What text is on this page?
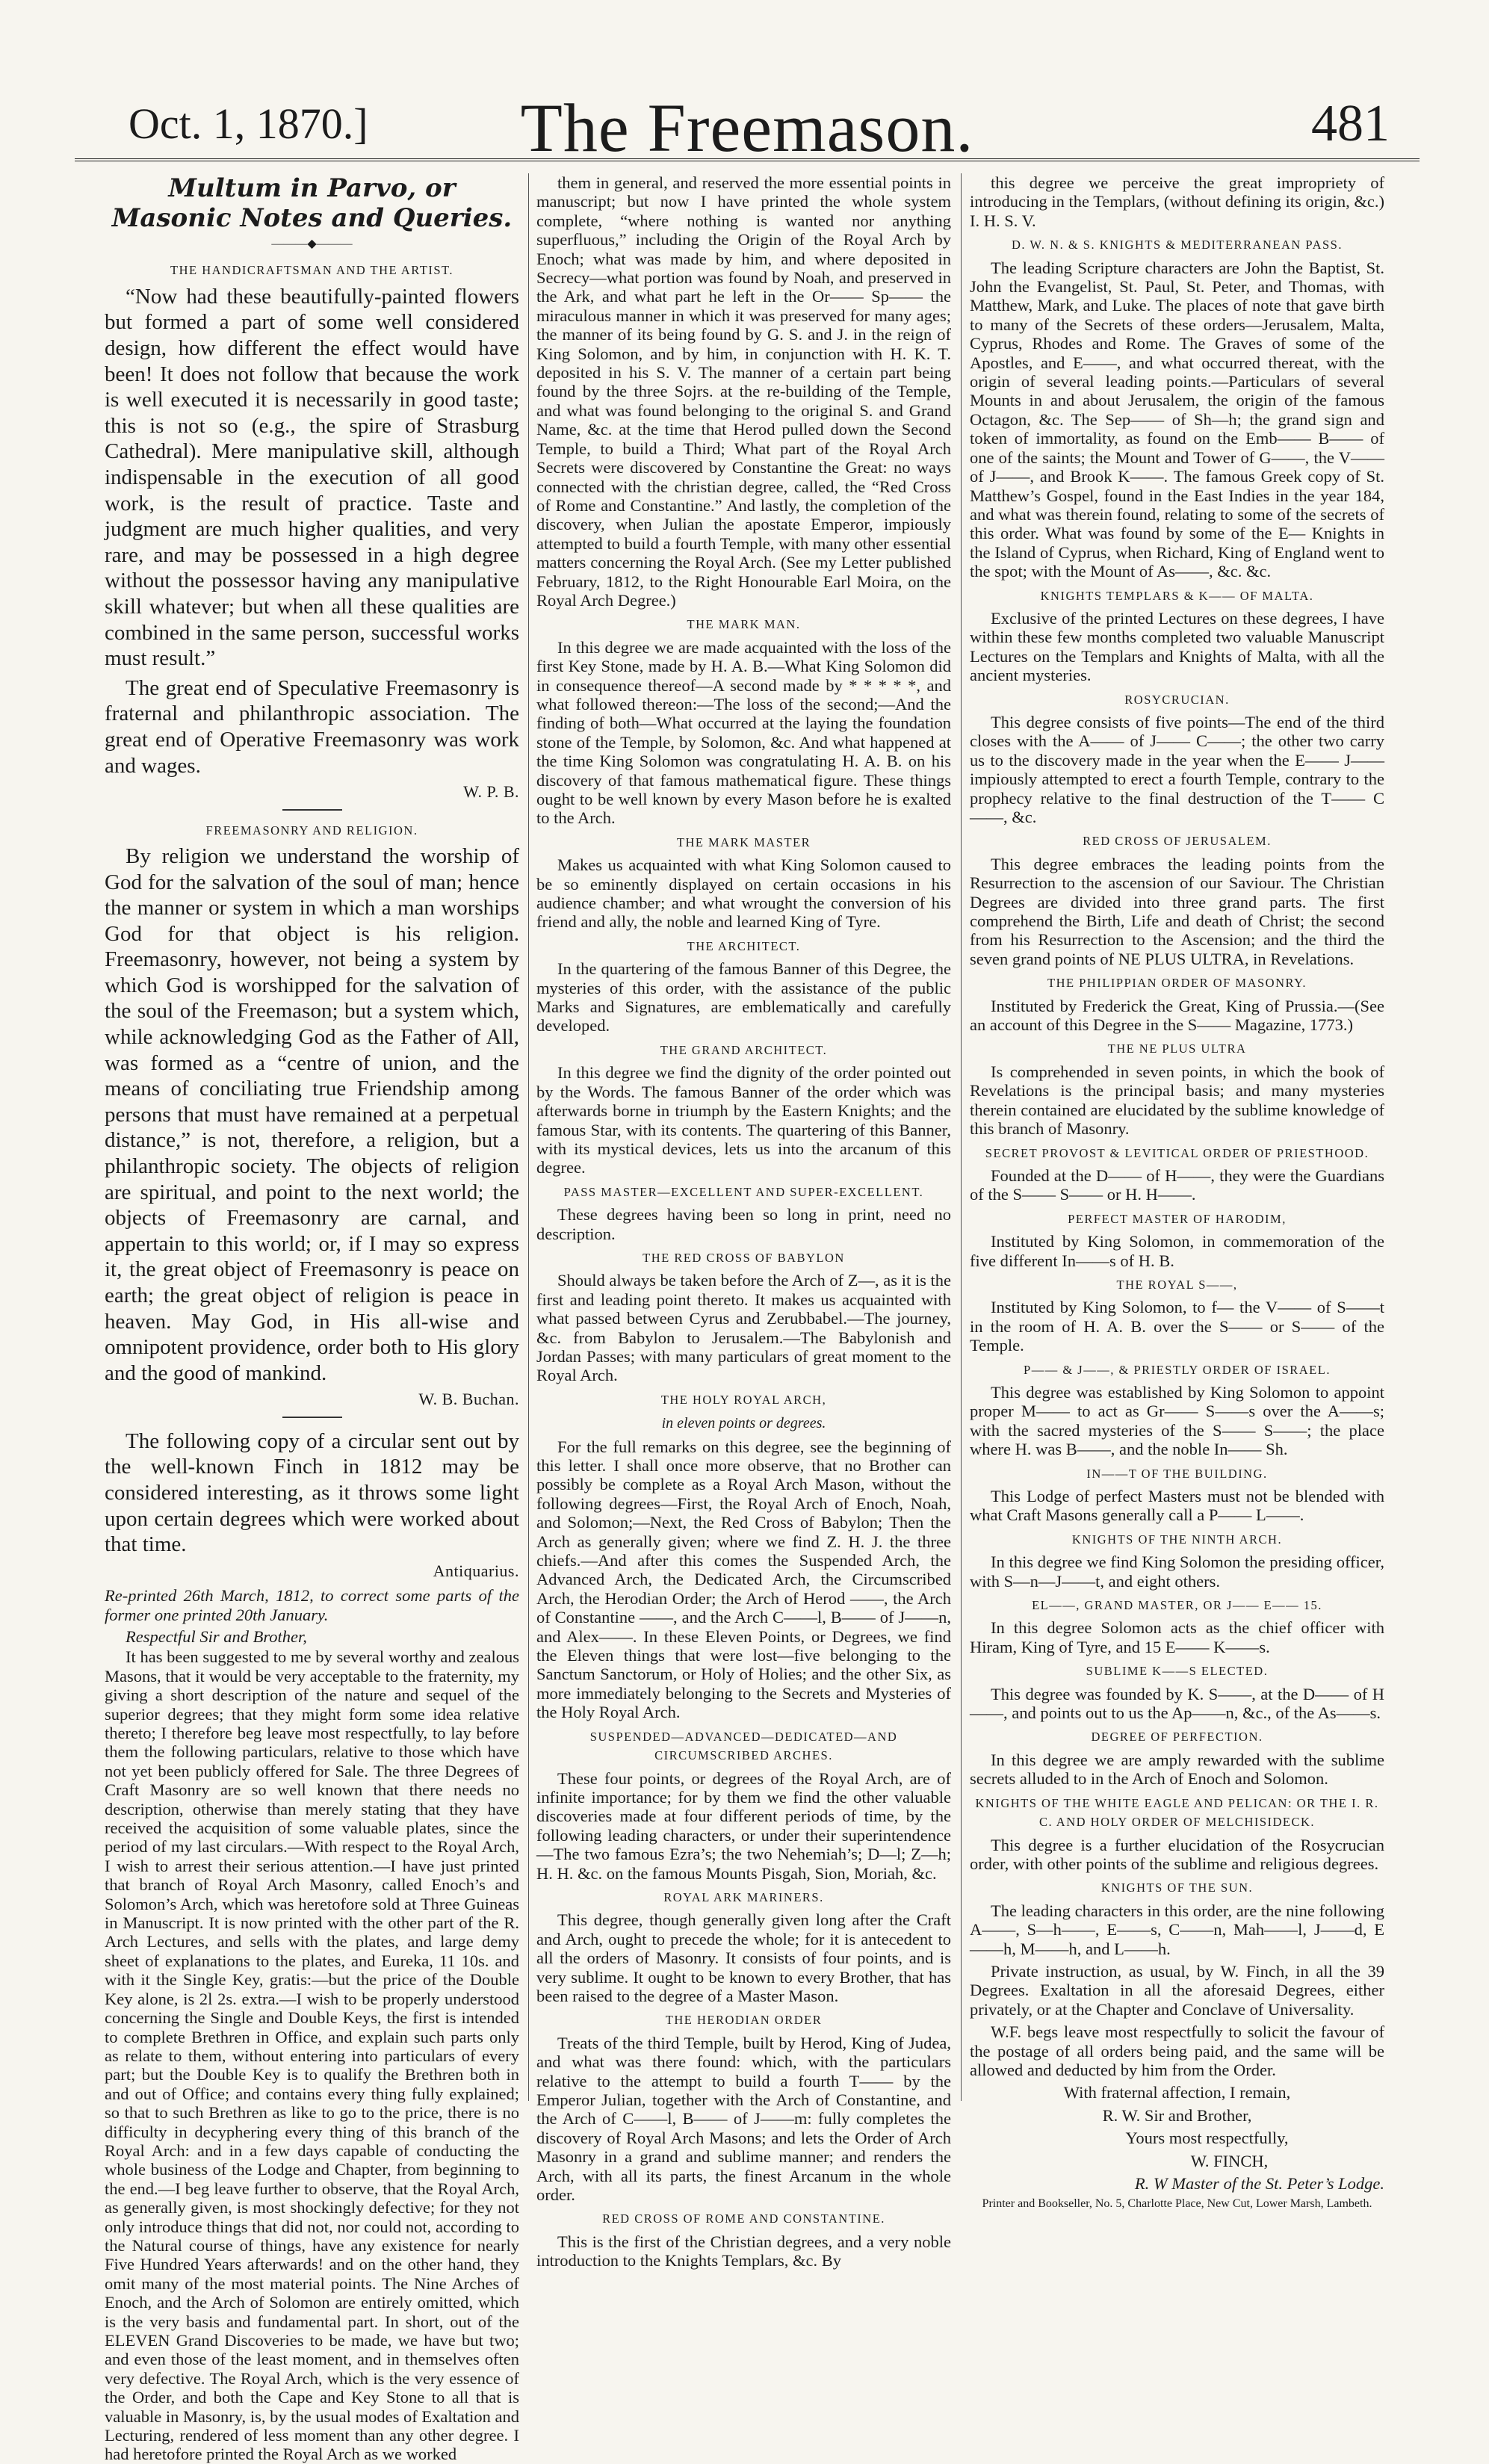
Oct. 1, 1870.]	The Freemason.	481
Multum in Parvo, or Masonic Notes and Queries.
———◆———
THE HANDICRAFTSMAN AND THE ARTIST.

“Now had these beautifully-painted flowers but formed a part of some well considered design, how different the effect would have been! It does not follow that because the work is well executed it is necessarily in good taste; this is not so (e.g., the spire of Strasburg Cathedral). Mere manipulative skill, although indispensable in the execution of all good work, is the result of practice. Taste and judgment are much higher qualities, and very rare, and may be possessed in a high degree without the possessor having any manipulative skill whatever; but when all these qualities are combined in the same person, successful works must result.”

The great end of Speculative Freemasonry is fraternal and philanthropic association. The great end of Operative Freemasonry was work and wages.

W. P. B.
FREEMASONRY AND RELIGION.

By religion we understand the worship of God for the salvation of the soul of man; hence the manner or system in which a man worships God for that object is his religion. Freemasonry, however, not being a system by which God is worshipped for the salvation of the soul of the Freemason; but a system which, while acknowledging God as the Father of All, was formed as a “centre of union, and the means of conciliating true Friendship among persons that must have remained at a perpetual distance,” is not, therefore, a religion, but a philanthropic society. The objects of religion are spiritual, and point to the next world; the objects of Freemasonry are carnal, and appertain to this world; or, if I may so express it, the great object of Freemasonry is peace on earth; the great object of religion is peace in heaven. May God, in His all-wise and omnipotent providence, order both to His glory and the good of mankind.

W. B. Buchan.

The following copy of a circular sent out by the well-known Finch in 1812 may be considered interesting, as it throws some light upon certain degrees which were worked about that time.

Antiquarius.

Re-printed 26th March, 1812, to correct some parts of the former one printed 20th January.

Respectful Sir and Brother,

It has been suggested to me by several worthy and zealous Masons, that it would be very acceptable to the fraternity, my giving a short description of the nature and sequel of the superior degrees; that they might form some idea relative thereto; I therefore beg leave most respectfully, to lay before them the following particulars, relative to those which have not yet been publicly offered for Sale. The three Degrees of Craft Masonry are so well known that there needs no description, otherwise than merely stating that they have received the acquisition of some valuable plates, since the period of my last circulars.—With respect to the Royal Arch, I wish to arrest their serious attention.—I have just printed that branch of Royal Arch Masonry, called Enoch’s and Solomon’s Arch, which was heretofore sold at Three Guineas in Manuscript. It is now printed with the other part of the R. Arch Lectures, and sells with the plates, and large demy sheet of explanations to the plates, and Eureka, 11 10s. and with it the Single Key, gratis:—but the price of the Double Key alone, is 2l 2s. extra.—I wish to be properly understood concerning the Single and Double Keys, the first is intended to complete Brethren in Office, and explain such parts only as relate to them, without entering into particulars of every part; but the Double Key is to qualify the Brethren both in and out of Office; and contains every thing fully explained; so that to such Brethren as like to go to the price, there is no difficulty in decyphering every thing of this branch of the Royal Arch: and in a few days capable of conducting the whole business of the Lodge and Chapter, from beginning to the end.—I beg leave further to observe, that the Royal Arch, as generally given, is most shockingly defective; for they not only introduce things that did not, nor could not, according to the Natural course of things, have any existence for nearly Five Hundred Years afterwards! and on the other hand, they omit many of the most material points. The Nine Arches of Enoch, and the Arch of Solomon are entirely omitted, which is the very basis and fundamental part. In short, out of the ELEVEN Grand Discoveries to be made, we have but two; and even those of the least moment, and in themselves often very defective. The Royal Arch, which is the very essence of the Order, and both the Cape and Key Stone to all that is valuable in Masonry, is, by the usual modes of Exaltation and Lecturing, rendered of less moment than any other degree. I had heretofore printed the Royal Arch as we worked

them in general, and reserved the more essential points in manuscript; but now I have printed the whole system complete, “where nothing is wanted nor anything superfluous,” including the Origin of the Royal Arch by Enoch; what was made by him, and where deposited in Secrecy—what portion was found by Noah, and preserved in the Ark, and what part he left in the Or—— Sp—— the miraculous manner in which it was preserved for many ages; the manner of its being found by G. S. and J. in the reign of King Solomon, and by him, in conjunction with H. K. T. deposited in his S. V. The manner of a certain part being found by the three Sojrs. at the re-building of the Temple, and what was found belonging to the original S. and Grand Name, &c. at the time that Herod pulled down the Second Temple, to build a Third; What part of the Royal Arch Secrets were discovered by Constantine the Great: no ways connected with the christian degree, called, the “Red Cross of Rome and Constantine.” And lastly, the completion of the discovery, when Julian the apostate Emperor, impiously attempted to build a fourth Temple, with many other essential matters concerning the Royal Arch. (See my Letter published February, 1812, to the Right Honourable Earl Moira, on the Royal Arch Degree.)

THE MARK MAN.

In this degree we are made acquainted with the loss of the first Key Stone, made by H. A. B.—What King Solomon did in consequence thereof—A second made by * * * * *, and what followed thereon:—The loss of the second;—And the finding of both—What occurred at the laying the foundation stone of the Temple, by Solomon, &c. And what happened at the time King Solomon was congratulating H. A. B. on his discovery of that famous mathematical figure. These things ought to be well known by every Mason before he is exalted to the Arch.

THE MARK MASTER

Makes us acquainted with what King Solomon caused to be so eminently displayed on certain occasions in his audience chamber; and what wrought the conversion of his friend and ally, the noble and learned King of Tyre.

THE ARCHITECT.

In the quartering of the famous Banner of this Degree, the mysteries of this order, with the assistance of the public Marks and Signatures, are emblematically and carefully developed.

THE GRAND ARCHITECT.

In this degree we find the dignity of the order pointed out by the Words. The famous Banner of the order which was afterwards borne in triumph by the Eastern Knights; and the famous Star, with its contents. The quartering of this Banner, with its mystical devices, lets us into the arcanum of this degree.

PASS MASTER—EXCELLENT AND SUPER-EXCELLENT.

These degrees having been so long in print, need no description.

THE RED CROSS OF BABYLON

Should always be taken before the Arch of Z—, as it is the first and leading point thereto. It makes us acquainted with what passed between Cyrus and Zerubbabel.—The journey, &c. from Babylon to Jerusalem.—The Babylonish and Jordan Passes; with many particulars of great moment to the Royal Arch.

THE HOLY ROYAL ARCH,
in eleven points or degrees.

For the full remarks on this degree, see the beginning of this letter. I shall once more observe, that no Brother can possibly be complete as a Royal Arch Mason, without the following degrees—First, the Royal Arch of Enoch, Noah, and Solomon;—Next, the Red Cross of Babylon; Then the Arch as generally given; where we find Z. H. J. the three chiefs.—And after this comes the Suspended Arch, the Advanced Arch, the Dedicated Arch, the Circumscribed Arch, the Herodian Order; the Arch of Herod ——, the Arch of Constantine ——, and the Arch C——l, B—— of J——n, and Alex——. In these Eleven Points, or Degrees, we find the Eleven things that were lost—five belonging to the Sanctum Sanctorum, or Holy of Holies; and the other Six, as more immediately belonging to the Secrets and Mysteries of the Holy Royal Arch.

SUSPENDED—ADVANCED—DEDICATED—AND CIRCUMSCRIBED ARCHES.

These four points, or degrees of the Royal Arch, are of infinite importance; for by them we find the other valuable discoveries made at four different periods of time, by the following leading characters, or under their superintendence—The two famous Ezra’s; the two Nehemiah’s; D—l; Z—h; H. H. &c. on the famous Mounts Pisgah, Sion, Moriah, &c.

ROYAL ARK MARINERS.

This degree, though generally given long after the Craft and Arch, ought to precede the whole; for it is antecedent to all the orders of Masonry. It consists of four points, and is very sublime. It ought to be known to every Brother, that has been raised to the degree of a Master Mason.

THE HERODIAN ORDER

Treats of the third Temple, built by Herod, King of Judea, and what was there found: which, with the particulars relative to the attempt to build a fourth T—— by the Emperor Julian, together with the Arch of Constantine, and the Arch of C——l, B—— of J——m: fully completes the discovery of Royal Arch Masons; and lets the Order of Arch Masonry in a grand and sublime manner; and renders the Arch, with all its parts, the finest Arcanum in the whole order.

RED CROSS OF ROME AND CONSTANTINE.

This is the first of the Christian degrees, and a very noble introduction to the Knights Templars, &c. By

this degree we perceive the great impropriety of introducing in the Templars, (without defining its origin, &c.) I. H. S. V.

D. W. N. & S. KNIGHTS & MEDITERRANEAN PASS.

The leading Scripture characters are John the Baptist, St. John the Evangelist, St. Paul, St. Peter, and Thomas, with Matthew, Mark, and Luke. The places of note that gave birth to many of the Secrets of these orders—Jerusalem, Malta, Cyprus, Rhodes and Rome. The Graves of some of the Apostles, and E——, and what occurred thereat, with the origin of several leading points.—Particulars of several Mounts in and about Jerusalem, the origin of the famous Octagon, &c. The Sep—— of Sh—h; the grand sign and token of immortality, as found on the Emb—— B—— of one of the saints; the Mount and Tower of G——, the V—— of J——, and Brook K——. The famous Greek copy of St. Matthew’s Gospel, found in the East Indies in the year 184, and what was therein found, relating to some of the secrets of this order. What was found by some of the E— Knights in the Island of Cyprus, when Richard, King of England went to the spot; with the Mount of As——, &c. &c.

KNIGHTS TEMPLARS & K—— OF MALTA.

Exclusive of the printed Lectures on these degrees, I have within these few months completed two valuable Manuscript Lectures on the Templars and Knights of Malta, with all the ancient mysteries.

ROSYCRUCIAN.

This degree consists of five points—The end of the third closes with the A—— of J—— C——; the other two carry us to the discovery made in the year when the E—— J—— impiously attempted to erect a fourth Temple, contrary to the prophecy relative to the final destruction of the T—— C——, &c.

RED CROSS OF JERUSALEM.

This degree embraces the leading points from the Resurrection to the ascension of our Saviour. The Christian Degrees are divided into three grand parts. The first comprehend the Birth, Life and death of Christ; the second from his Resurrection to the Ascension; and the third the seven grand points of NE PLUS ULTRA, in Revelations.

THE PHILIPPIAN ORDER OF MASONRY.

Instituted by Frederick the Great, King of Prussia.—(See an account of this Degree in the S—— Magazine, 1773.)

THE NE PLUS ULTRA

Is comprehended in seven points, in which the book of Revelations is the principal basis; and many mysteries therein contained are elucidated by the sublime knowledge of this branch of Masonry.

SECRET PROVOST & LEVITICAL ORDER OF PRIESTHOOD.

Founded at the D—— of H——, they were the Guardians of the S—— S—— or H. H——.

PERFECT MASTER OF HARODIM,

Instituted by King Solomon, in commemoration of the five different In——s of H. B.

THE ROYAL S——,

Instituted by King Solomon, to f— the V—— of S——t in the room of H. A. B. over the S—— or S—— of the Temple.

P—— & J——, & PRIESTLY ORDER OF ISRAEL.

This degree was established by King Solomon to appoint proper M—— to act as Gr—— S——s over the A——s; with the sacred mysteries of the S—— S——; the place where H. was B——, and the noble In—— Sh.

IN——T OF THE BUILDING.

This Lodge of perfect Masters must not be blended with what Craft Masons generally call a P—— L——.

KNIGHTS OF THE NINTH ARCH.

In this degree we find King Solomon the presiding officer, with S—n—J——t, and eight others.

EL——, GRAND MASTER, OR J—— E—— 15.

In this degree Solomon acts as the chief officer with Hiram, King of Tyre, and 15 E—— K——s.

SUBLIME K——S ELECTED.

This degree was founded by K. S——, at the D—— of H——, and points out to us the Ap——n, &c., of the As——s.

DEGREE OF PERFECTION.

In this degree we are amply rewarded with the sublime secrets alluded to in the Arch of Enoch and Solomon.

KNIGHTS OF THE WHITE EAGLE AND PELICAN: OR THE I. R. C. AND HOLY ORDER OF MELCHISIDECK.

This degree is a further elucidation of the Rosycrucian order, with other points of the sublime and religious degrees.

KNIGHTS OF THE SUN.

The leading characters in this order, are the nine following A——, S—h——, E——s, C——n, Mah——l, J——d, E——h, M——h, and L——h.

Private instruction, as usual, by W. Finch, in all the 39 Degrees. Exaltation in all the aforesaid Degrees, either privately, or at the Chapter and Conclave of Universality.

W.F. begs leave most respectfully to solicit the favour of the postage of all orders being paid, and the same will be allowed and deducted by him from the Order.

With fraternal affection, I remain,

R. W. Sir and Brother,

Yours most respectfully,

W. FINCH,

R. W Master of the St. Peter’s Lodge.

Printer and Bookseller, No. 5, Charlotte Place, New Cut, Lower Marsh, Lambeth.
